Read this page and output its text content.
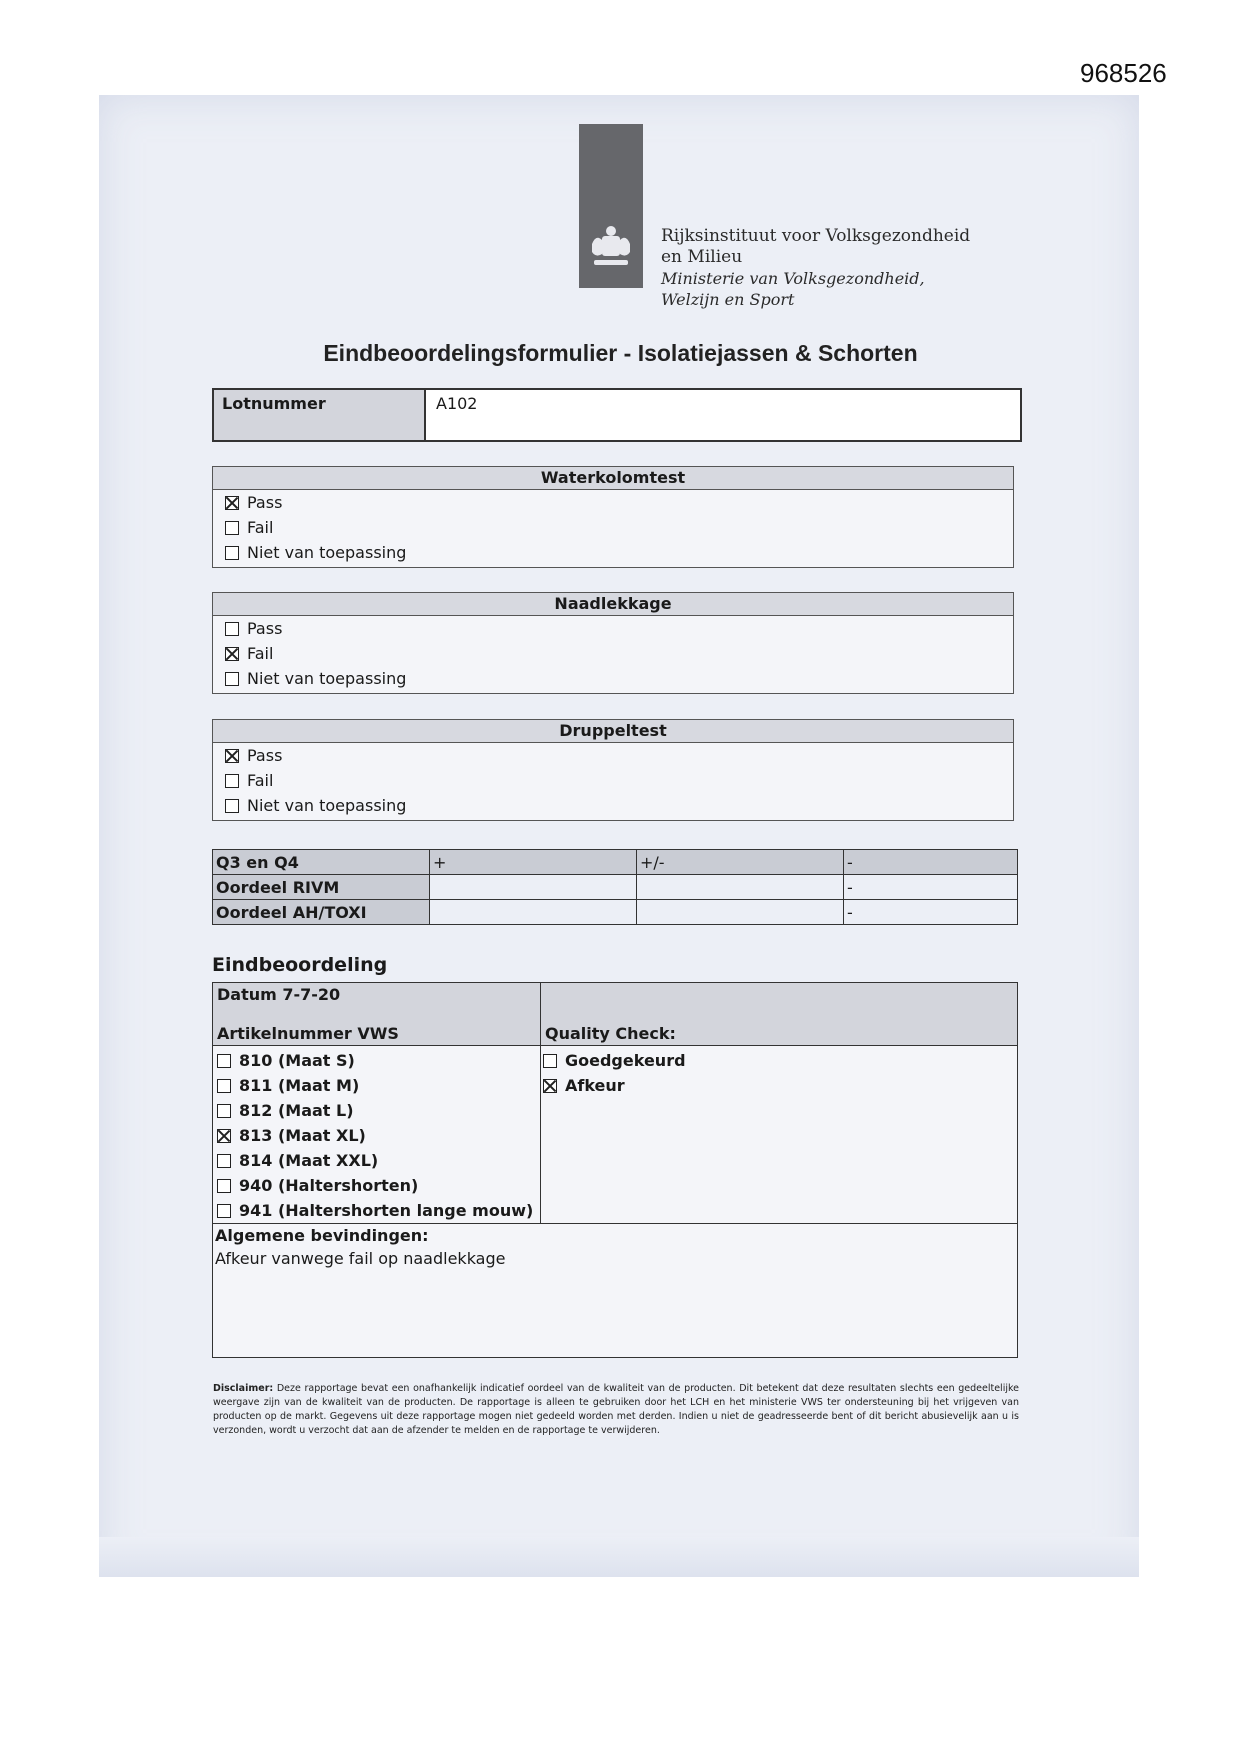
968526
Rijksinstituut voor Volksgezondheid
en Milieu
Ministerie van Volksgezondheid,
Welzijn en Sport
Eindbeoordelingsformulier - Isolatiejassen & Schorten
Lotnummer	A102
Waterkolomtest
Pass
Fail
Niet van toepassing
Naadlekkage
Pass
Fail
Niet van toepassing
Druppeltest
Pass
Fail
Niet van toepassing
Q3 en Q4	+	+/-	-
Oordeel RIVM			-
Oordeel AH/TOXI			-
Eindbeoordeling
Datum 7-7-20
Artikelnummer VWS	Quality Check:
810 (Maat S)
811 (Maat M)
812 (Maat L)
813 (Maat XL)
814 (Maat XXL)
940 (Haltershorten)
941 (Haltershorten lange mouw)
Goedgekeurd
Afkeur
Algemene bevindingen:
Afkeur vanwege fail op naadlekkage
Disclaimer: Deze rapportage bevat een onafhankelijk indicatief oordeel van de kwaliteit van de producten. Dit betekent dat deze resultaten slechts een gedeeltelijke weergave zijn van de kwaliteit van de producten. De rapportage is alleen te gebruiken door het LCH en het ministerie VWS ter ondersteuning bij het vrijgeven van producten op de markt. Gegevens uit deze rapportage mogen niet gedeeld worden met derden. Indien u niet de geadresseerde bent of dit bericht abusievelijk aan u is verzonden, wordt u verzocht dat aan de afzender te melden en de rapportage te verwijderen.
